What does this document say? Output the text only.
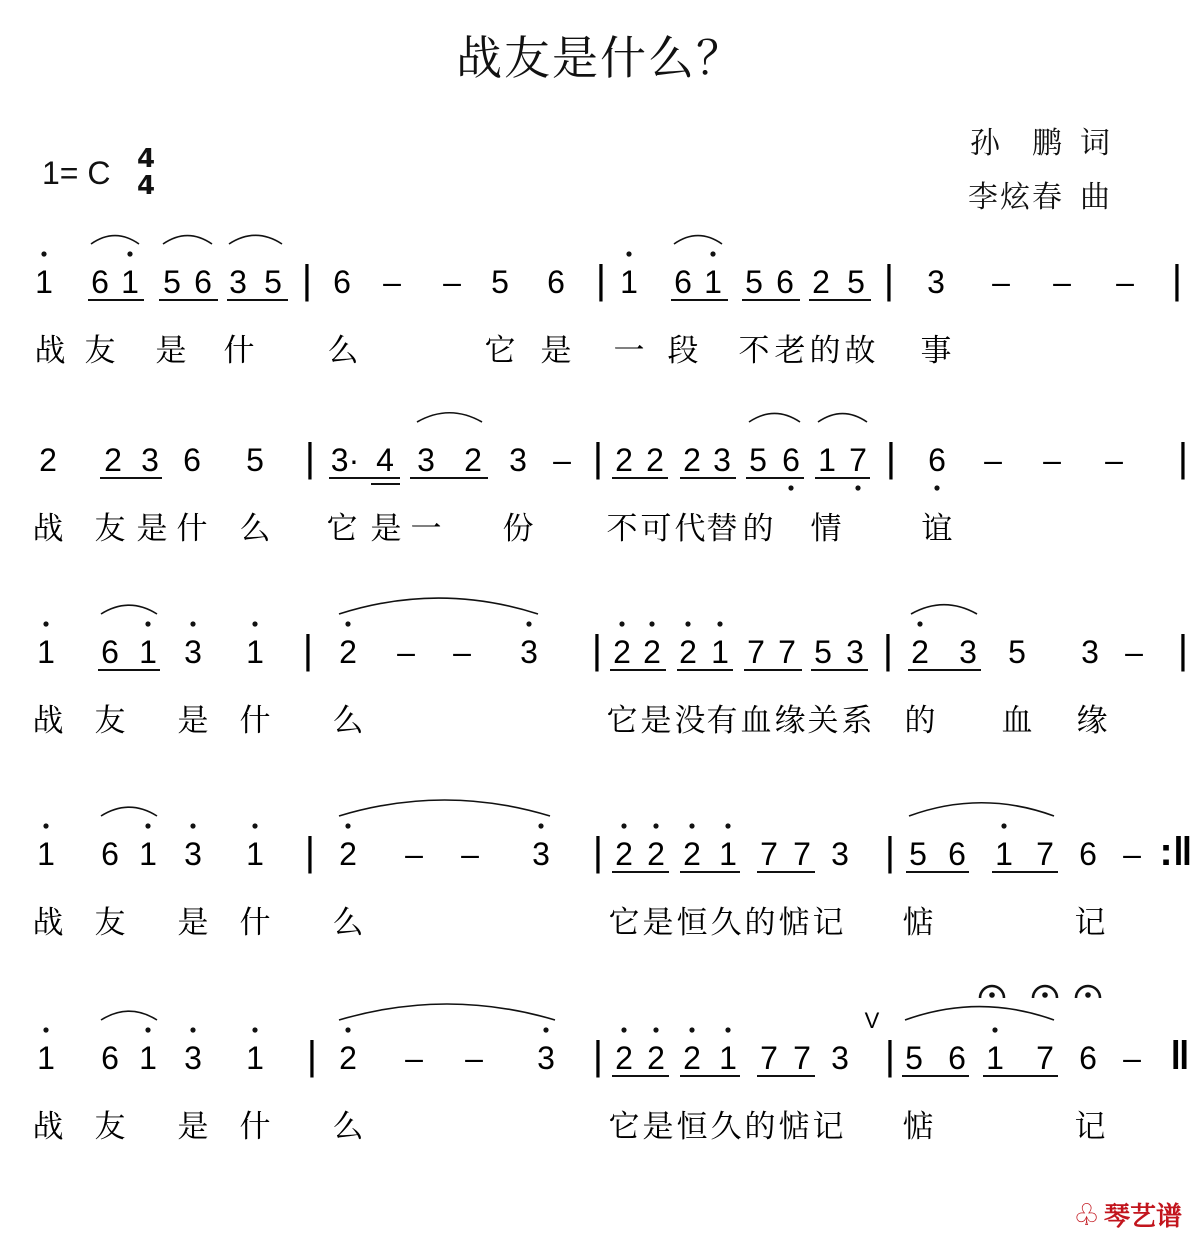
战友是什么？
1= C 4
4
孙 鹏 词
李炫春 曲
1 6 1 5 6 3 5 | 6 – – 5 6 | 1 6 1 5 6 2 5 | 3 – – – |
战 友 是 什 么	它 是 一 段 不 老 的 故 事
2 2 3 6 5 | 3· 4 3 2 3 – | 2 2 2 3 5 6 1 7 | 6 – – – |
战 友 是 什 么 它 是 一 份 不 可 代 替 的 情	谊
1 6 1 3 1 | 2 – – 3 | 2 2 2 1 7 7 5 3 | 2 3 5 3 – |
战 友 是 什 么	它 是 没 有 血 缘 关 系 的 血 缘
1 6 1 3 1 | 2 – – 3 | 2 2 2 1 7 7 3 | 5 6 1 7 6 – :‖
战 友 是 什 么	它 是 恒 久 的 惦 记 惦	记
1 6 1 3 1 | 2 – – 3 | 2 2 2 1 7 7 3 | 5 6 1 7 6 – ‖
V
战 友 是 什 么	它 是 恒 久 的 惦 记 惦	记
♧ 琴艺谱
